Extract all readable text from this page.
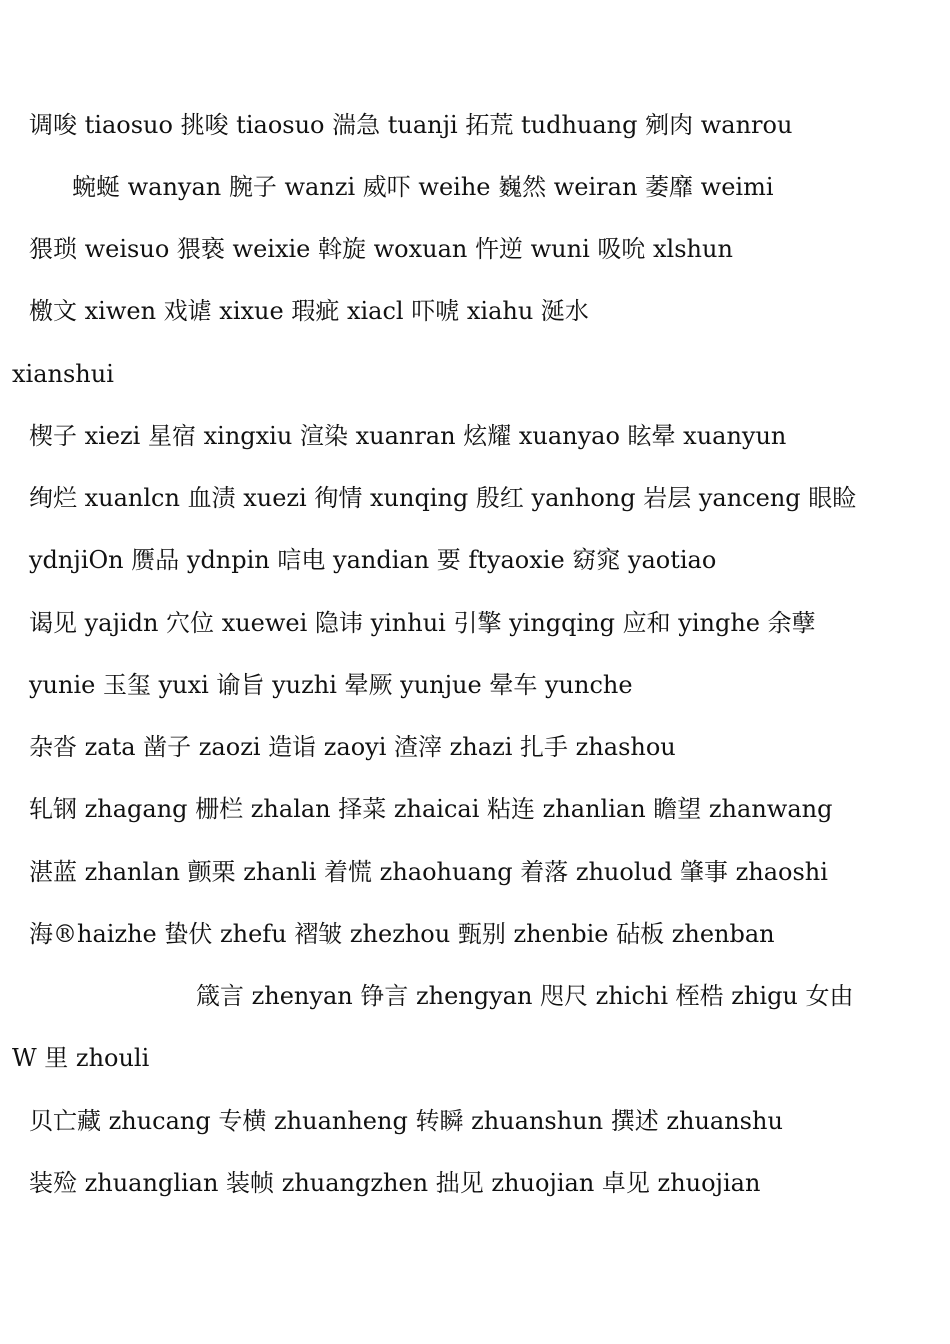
调唆 tiaosuo 挑唆 tiaosuo 湍急 tuanji 拓荒 tudhuang 剜肉 wanrou
蜿蜒 wanyan 腕子 wanzi 威吓 weihe 巍然 weiran 萎靡 weimi
猥琐 weisuo 猥亵 weixie 斡旋 woxuan 忤逆 wuni 吸吮 xlshun
檄文 xiwen 戏谑 xixue 瑕疵 xiacl 吓唬 xiahu 涎水
xianshui
楔子 xiezi 星宿 xingxiu 渲染 xuanran 炫耀 xuanyao 眩晕 xuanyun
绚烂 xuanlcn 血渍 xuezi 徇情 xunqing 殷红 yanhong 岩层 yanceng 眼睑
ydnjiOn 赝品 ydnpin 唁电 yandian 要 ftyaoxie 窈窕 yaotiao
谒见 yajidn 穴位 xuewei 隐讳 yinhui 引擎 yingqing 应和 yinghe 余孽
yunie 玉玺 yuxi 谕旨 yuzhi 晕厥 yunjue 晕车 yunche
杂沓 zata 凿子 zaozi 造诣 zaoyi 渣滓 zhazi 扎手 zhashou
轧钢 zhagang 栅栏 zhalan 择菜 zhaicai 粘连 zhanlian 瞻望 zhanwang
湛蓝 zhanlan 颤栗 zhanli 着慌 zhaohuang 着落 zhuolud 肇事 zhaoshi
海®haizhe 蛰伏 zhefu 褶皱 zhezhou 甄别 zhenbie 砧板 zhenban
箴言 zhenyan 铮言 zhengyan 咫尺 zhichi 桎梏 zhigu 女由
W 里 zhouli
贝亡藏 zhucang 专横 zhuanheng 转瞬 zhuanshun 撰述 zhuanshu
装殓 zhuanglian 装帧 zhuangzhen 拙见 zhuojian 卓见 zhuojian
